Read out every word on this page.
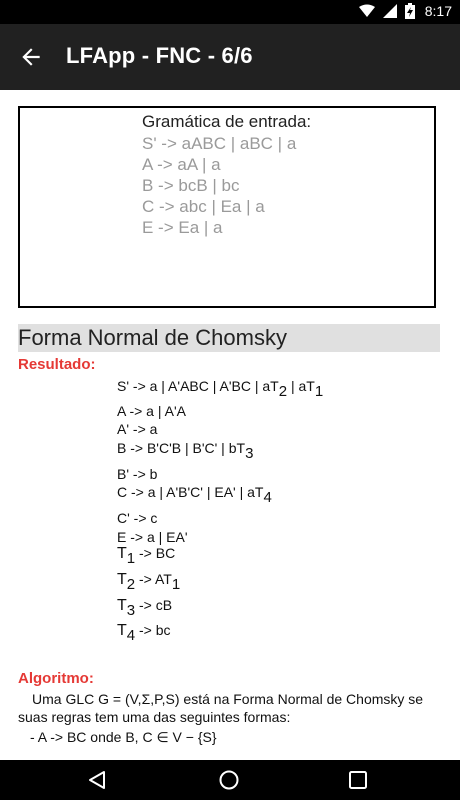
8:17
LFApp - FNC - 6/6
Gramática de entrada:
S' -> aABC | aBC | a
A -> aA | a
B -> bcB | bc
C -> abc | Ea | a
E -> Ea | a
Forma Normal de Chomsky
Resultado:
S' -> a | A'ABC | A'BC | $aT_2$ | $aT_1$
A -> a | A'A
A' -> a
B -> B'C'B | B'C' | $bT_3$
B' -> b
C -> a | A'B'C' | EA' | $aT_4$
C' -> c
E -> a | EA'
$T_1$ -> BC
$T_2 -> AT_1$
$T_3$ -> cB
$T_4$ -> bc
Algoritmo:
Uma GLC G = (V,Σ,P,S) está na Forma Normal de Chomsky se suas regras tem uma das seguintes formas:
- A -> BC onde B, C ∈ V − {S}
